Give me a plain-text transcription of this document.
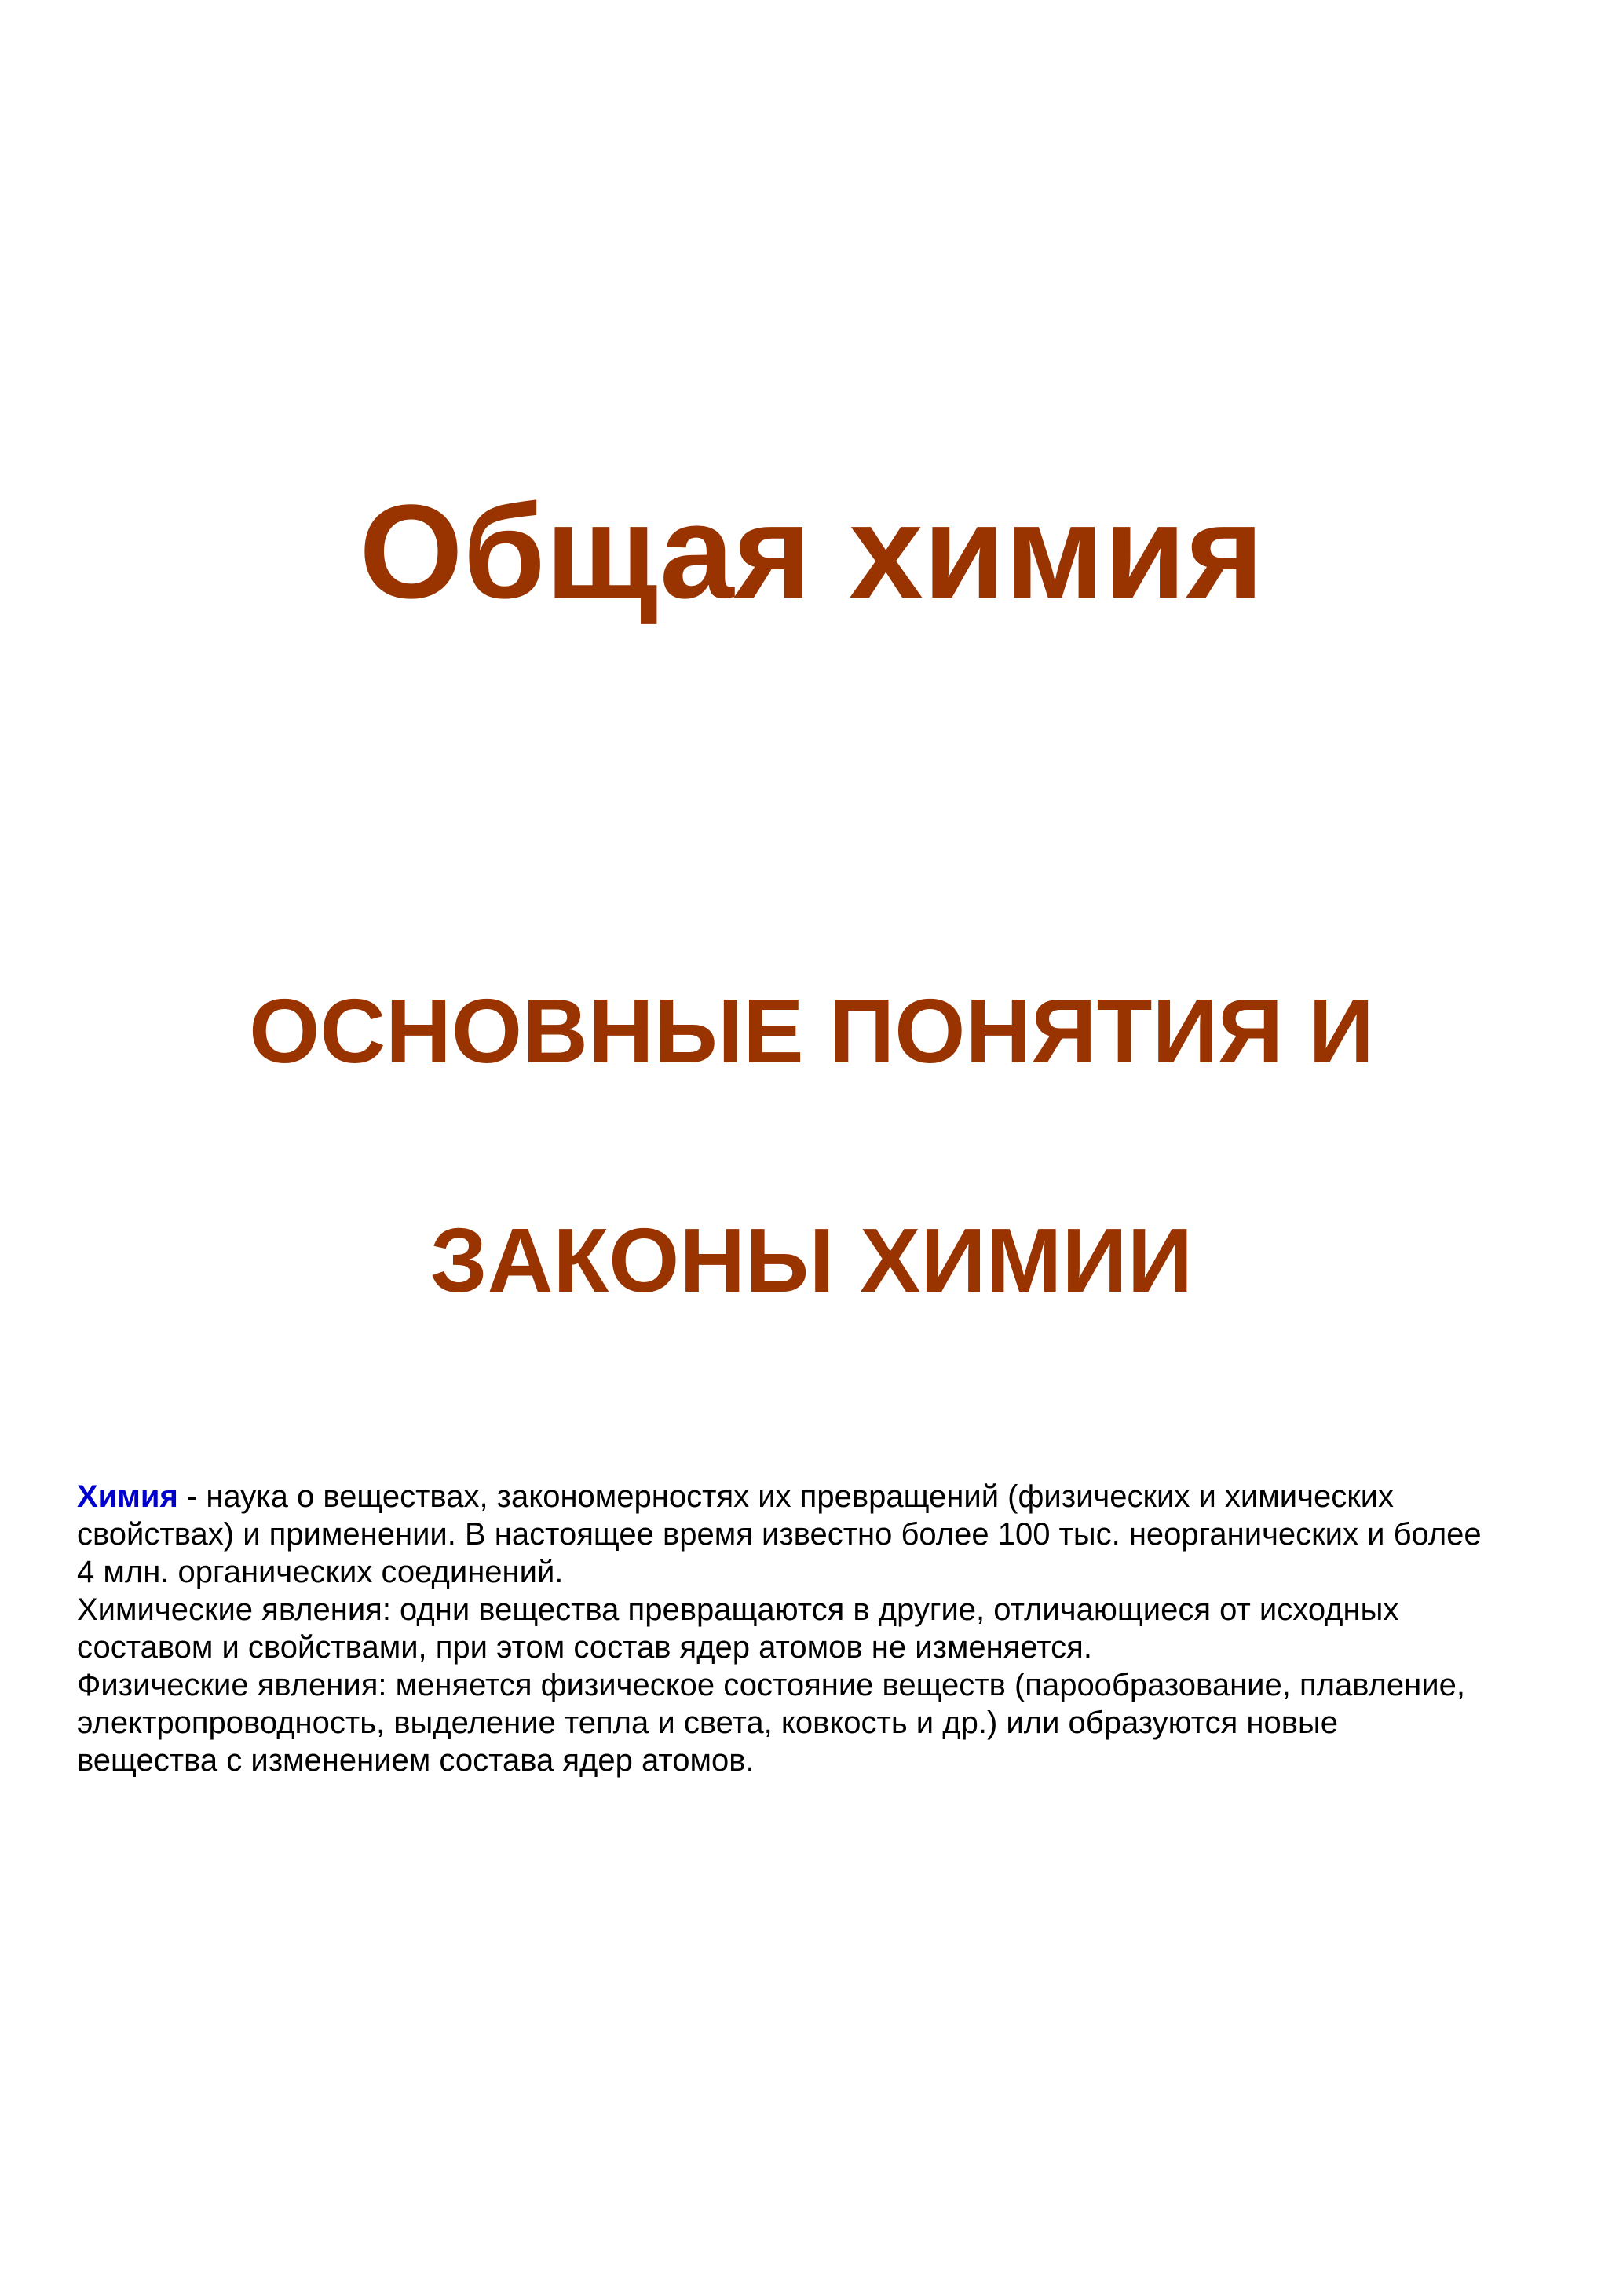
Общая химия
ОСНОВНЫЕ ПОНЯТИЯ И
ЗАКОНЫ ХИМИИ

Химия - наука о веществах, закономерностях их превращений (физических и химических
свойствах) и применении. В настоящее время известно более 100 тыс. неорганических и более
4 млн. органических соединений.
Химические явления: одни вещества превращаются в другие, отличающиеся от исходных
составом и свойствами, при этом состав ядер атомов не изменяется.
Физические явления: меняется физическое состояние веществ (парообразование, плавление,
электропроводность, выделение тепла и света, ковкость и др.) или образуются новые
вещества с изменением состава ядер атомов.
